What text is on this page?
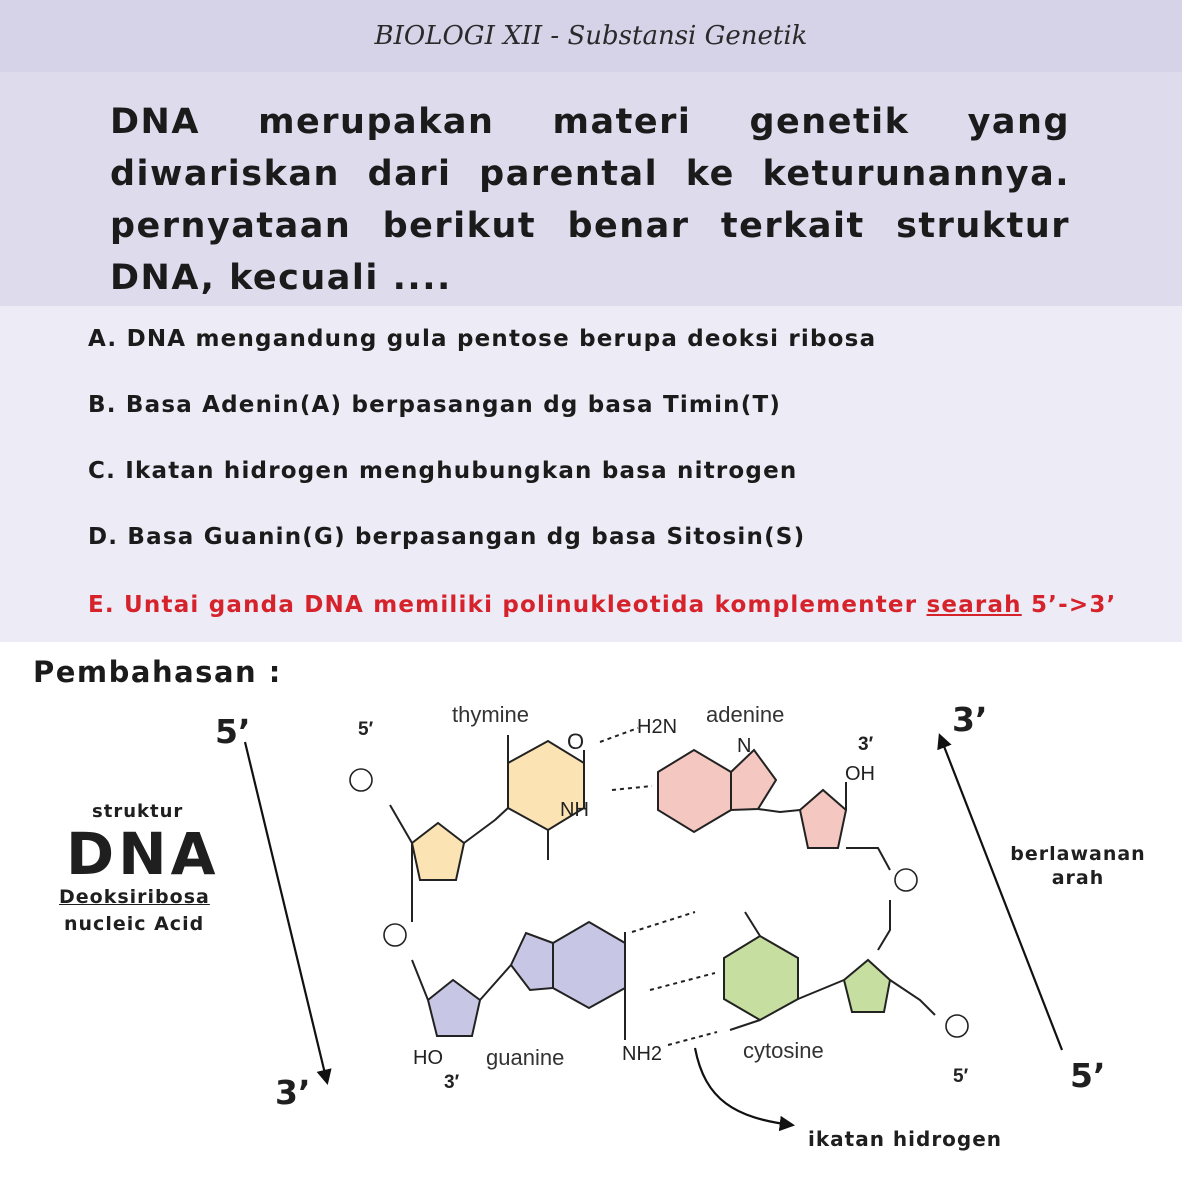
BIOLOGI XII - Substansi Genetik
DNA merupakan materi genetik yang diwariskan dari parental ke keturunannya. pernyataan berikut benar terkait struktur DNA, kecuali ....
A. DNA mengandung gula pentose berupa deoksi ribosa
B. Basa Adenin(A) berpasangan dg basa Timin(T)
C. Ikatan hidrogen menghubungkan basa nitrogen
D. Basa Guanin(G) berpasangan dg basa Sitosin(S)
E. Untai ganda DNA memiliki polinukleotida komplementer searah 5’->3’
Pembahasan :
struktur
DNA
Deoksiribosa
nucleic Acid
5’
3’
3’
5’
berlawanan arah
ikatan hidrogen
O
H2N
N
NH
OH
HO	NH2
thymine	adenine
guanine	cytosine
5′
3′
3′	5′
